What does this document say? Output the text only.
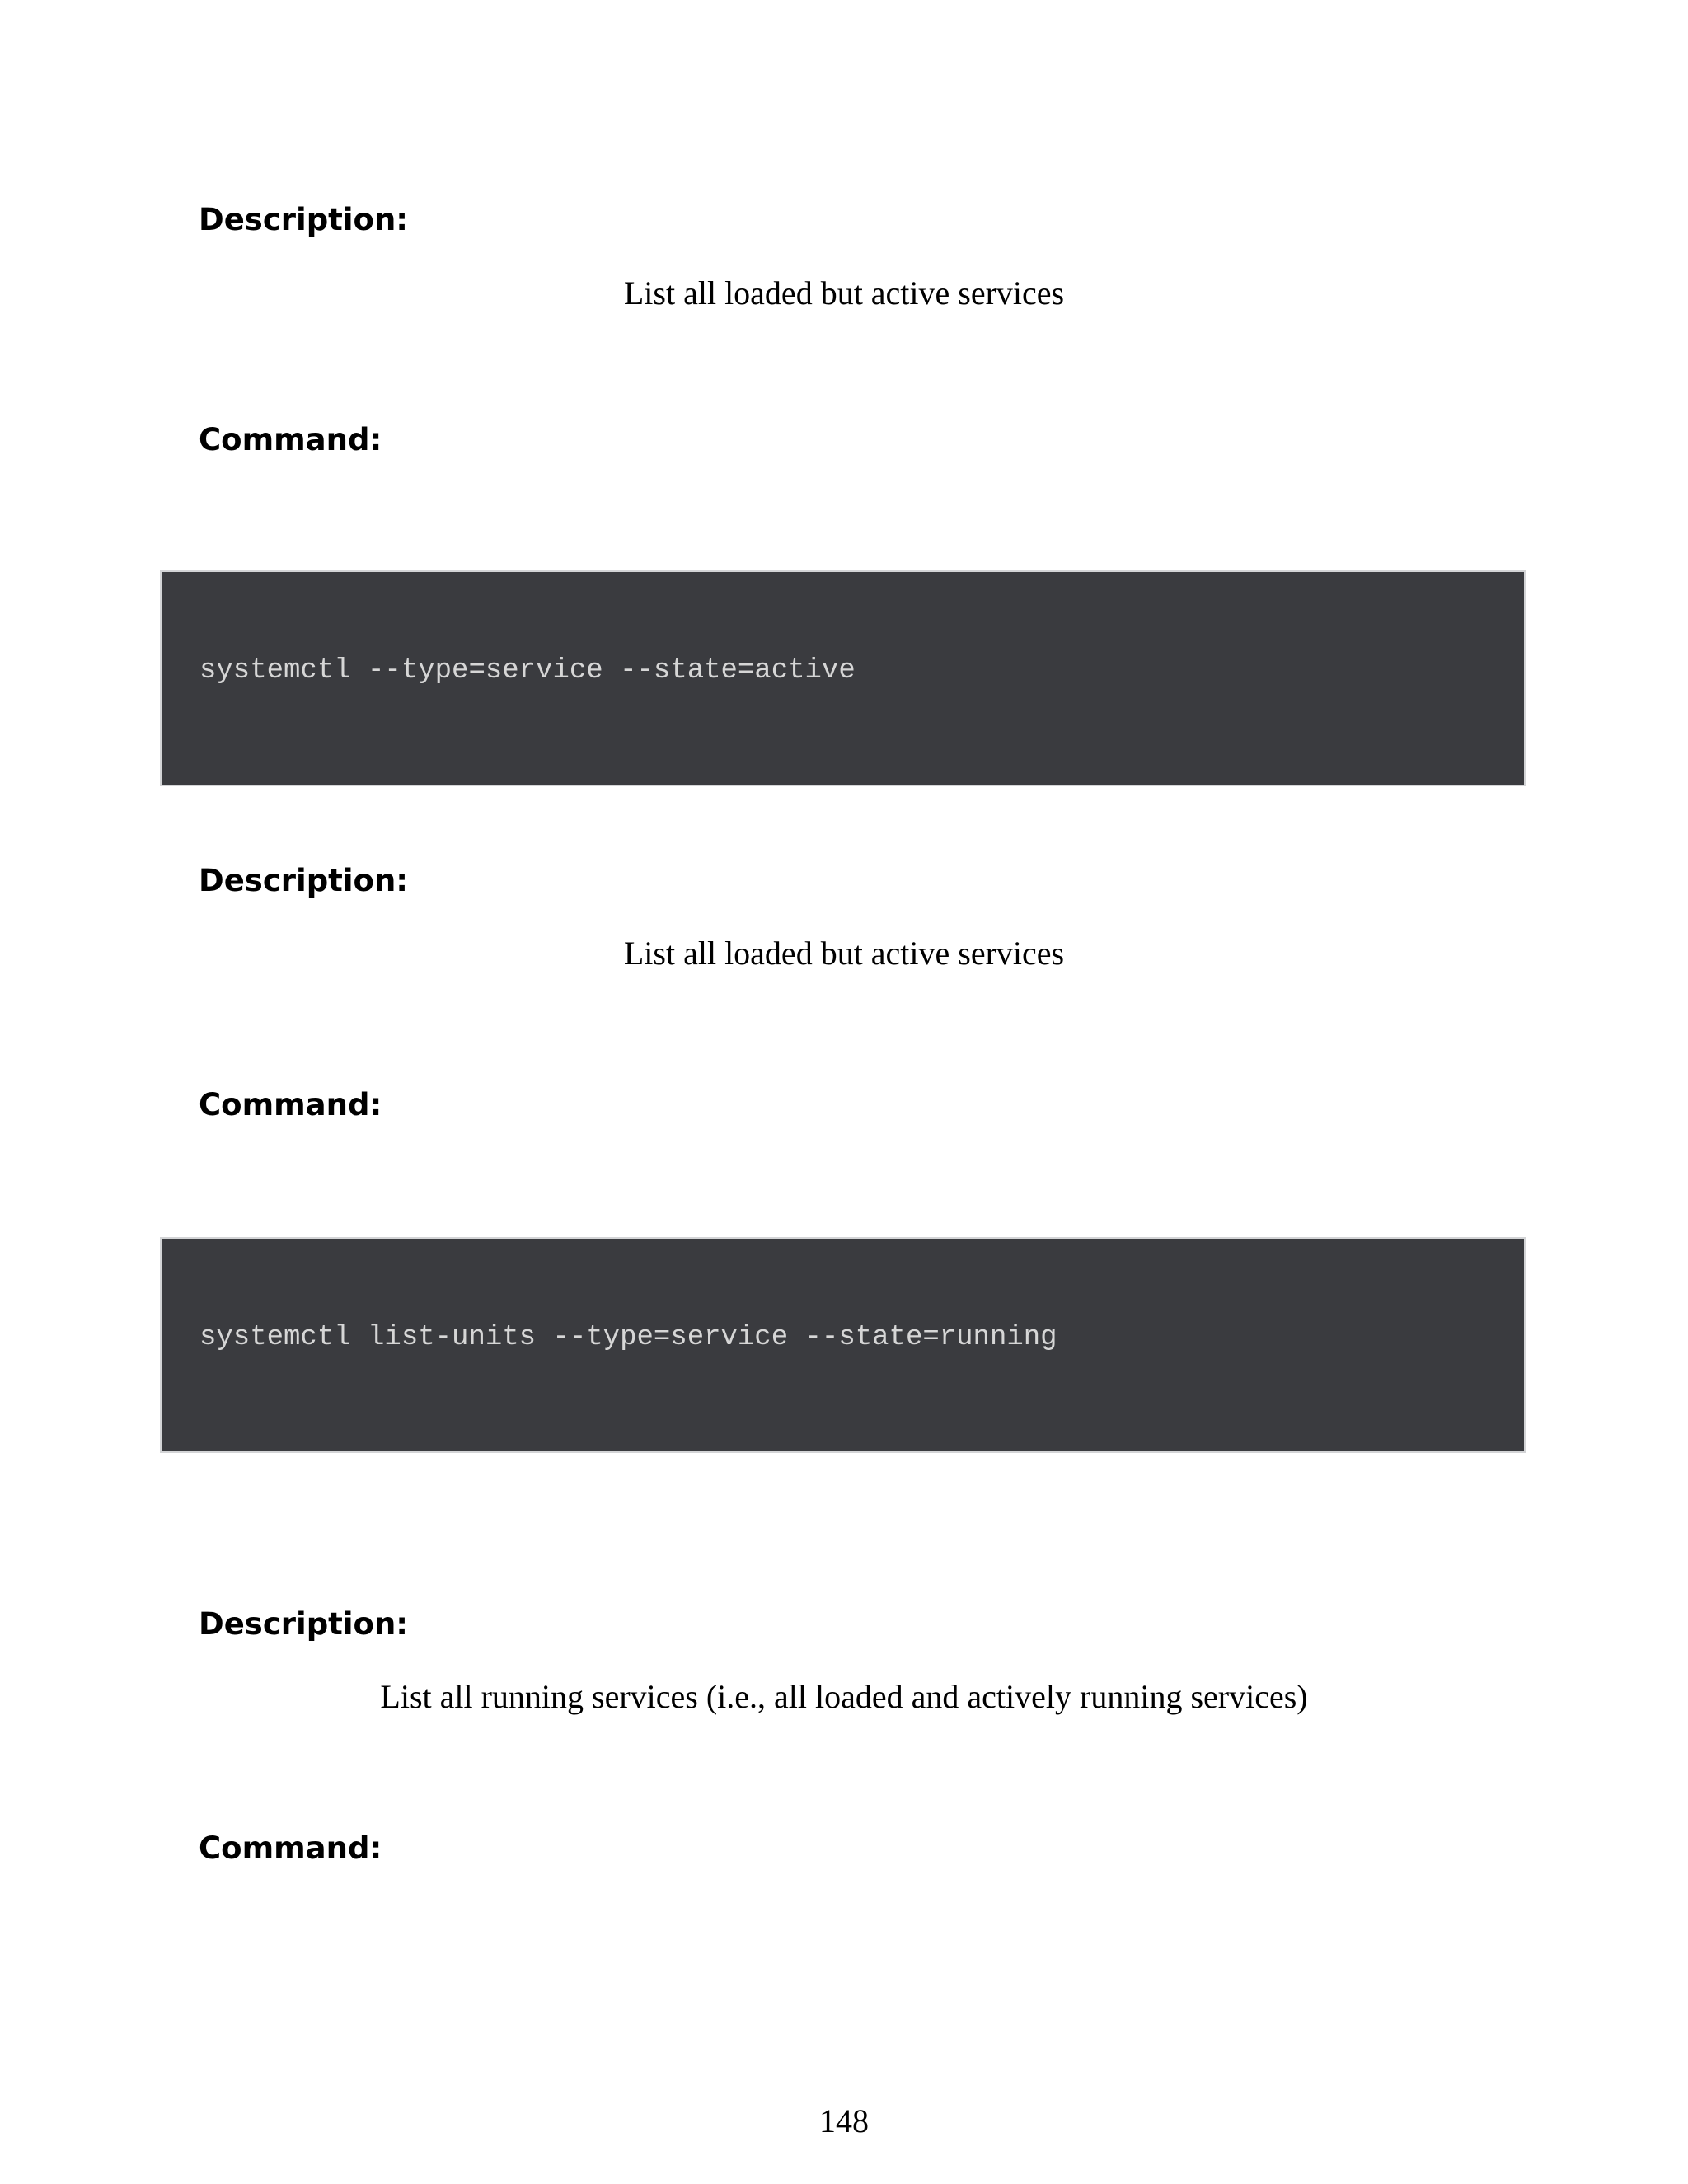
Description:

List all loaded but active services

Command:
systemctl --type=service --state=active
Description:

List all loaded but active services

Command:
systemctl list-units --type=service --state=running
Description:

List all running services (i.e., all loaded and actively running services)

Command:

148
